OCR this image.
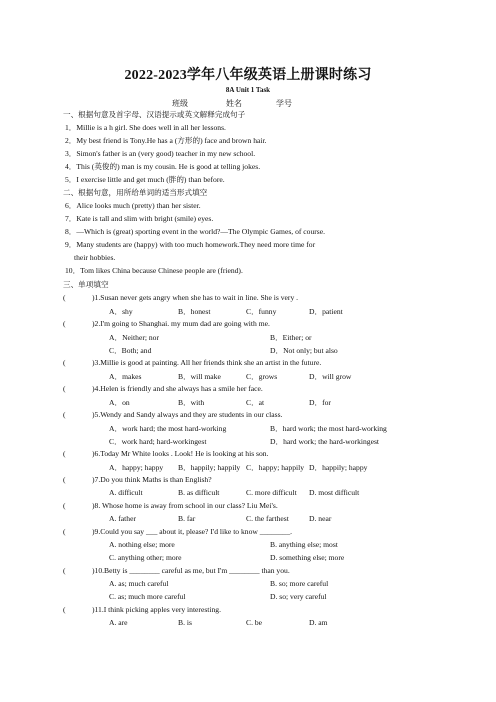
2022-2023学年八年级英语上册课时练习
8A Unit 1 Task
班级	姓名	学号
一、根据句意及首字母、汉语提示或英文解释完成句子
1．Millie is a h girl. She does well in all her lessons.
2．My best friend is Tony.He has a (方形的) face and brown hair.
3．Simon's father is an (very good) teacher in my new school.
4．This (英俊的) man is my cousin. He is good at telling jokes.
5．I exercise little and get much (胖的) than before.
二、根据句意，用所给单词的适当形式填空
6．Alice looks much (pretty) than her sister.
7．Kate is tall and slim with bright (smile) eyes.
8．—Which is (great) sporting event in the world?—The Olympic Games, of course.
9．Many students are (happy) with too much homework.They need more time for
their hobbies.
10．Tom likes China because Chinese people are (friend).
三、单项填空
(	)1.Susan never gets angry when she has to wait in line. She is very .
A．shy	B．honest	C．funny	D．patient
(	)2.I'm going to Shanghai. my mum dad are going with me.
A．Neither; nor	B．Either; or
C．Both; and	D．Not only; but also
(	)3.Millie is good at painting. All her friends think she an artist in the future.
A．makes	B．will make	C．grows	D．will grow
(	)4.Helen is friendly and she always has a smile her face.
A．on	B．with	C．at	D．for
(	)5.Wendy and Sandy always and they are students in our class.
A．work hard; the most hard-working	B．hard work; the most hard-working
C．work hard; hard-workingest	D．hard work; the hard-workingest
(	)6.Today Mr White looks . Look! He is looking at his son.
A．happy; happy B．happily; happily C．happy; happily D．happily; happy
(	)7.Do you think Maths is than English?
A. difficult	B. as difficult	C. more difficult D. most difficult
(	)8. Whose home is away from school in our class? Liu Mei's.
A. father	B. far	C. the farthest	D. near
(	)9.Could you say ___ about it, please? I'd like to know ________.
A. nothing else; more	B. anything else; most
C. anything other; more	D. something else; more
(	)10.Betty is ________ careful as me, but I'm ________ than you.
A. as; much careful	B. so; more careful
C. as; much more careful	D. so; very careful
(	)11.I think picking apples very interesting.
A. are	B. is	C. be	D. am
